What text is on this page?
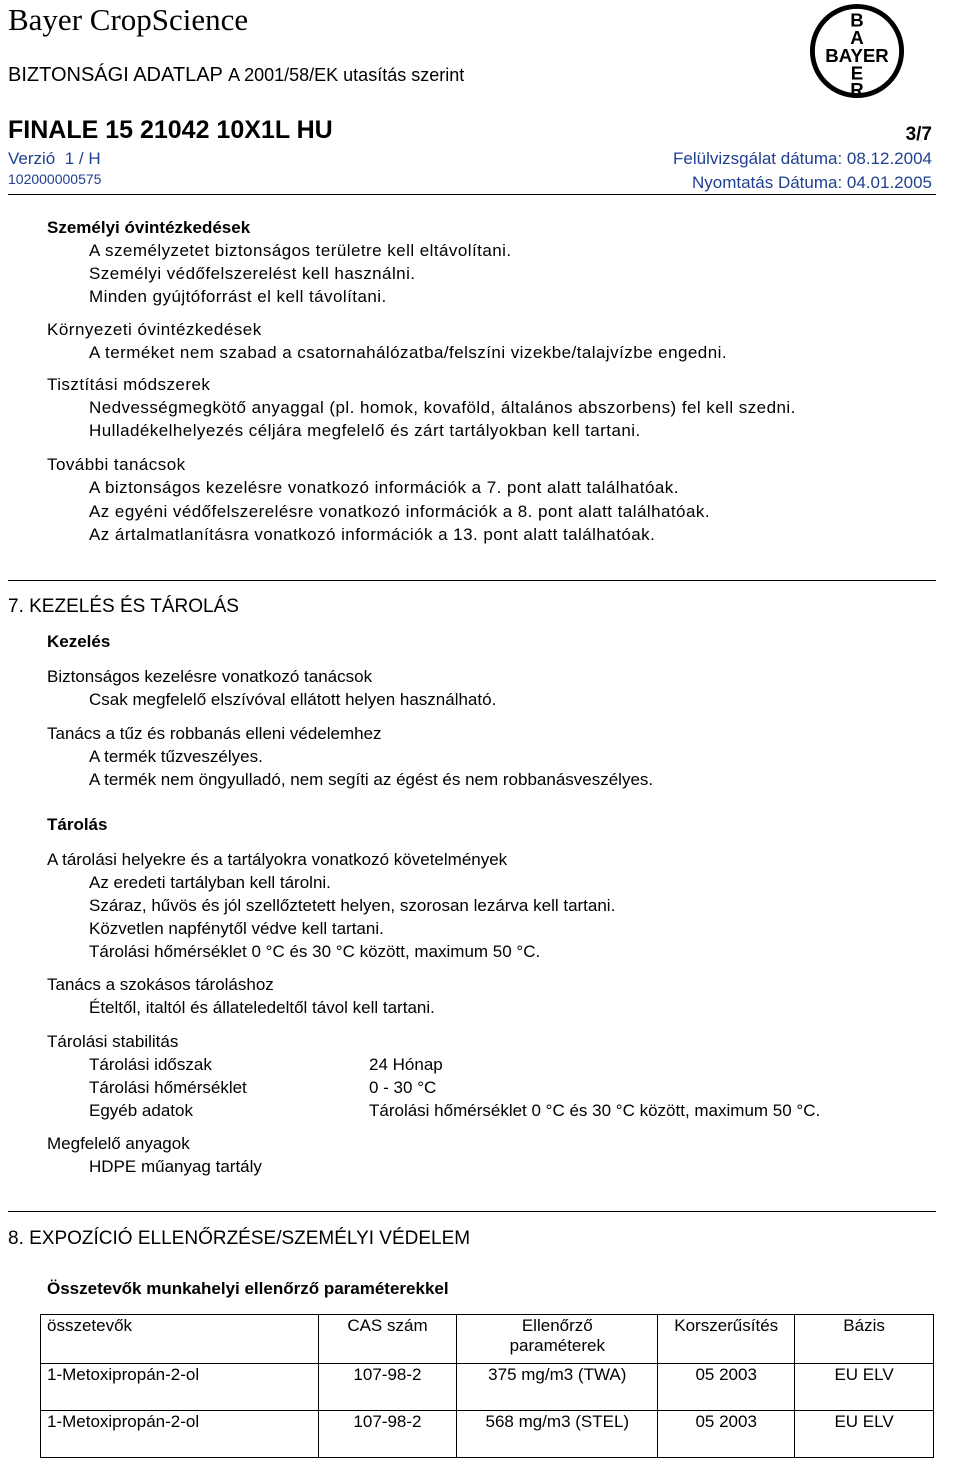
Bayer CropScience
BIZTONSÁGI ADATLAP A 2001/58/EK utasítás szerint
B
A
BAYER
E
R
FINALE 15 21042 10X1L HU	3/7
Verzió 1 / H	Felülvizsgálat dátuma: 08.12.2004
102000000575	Nyomtatás Dátuma: 04.01.2005
Személyi óvintézkedések
A személyzetet biztonságos területre kell eltávolítani.
Személyi védőfelszerelést kell használni.
Minden gyújtóforrást el kell távolítani.
Környezeti óvintézkedések
A terméket nem szabad a csatornahálózatba/felszíni vizekbe/talajvízbe engedni.
Tisztítási módszerek
Nedvességmegkötő anyaggal (pl. homok, kovaföld, általános abszorbens) fel kell szedni.
Hulladékelhelyezés céljára megfelelő és zárt tartályokban kell tartani.
További tanácsok
A biztonságos kezelésre vonatkozó információk a 7. pont alatt találhatóak.
Az egyéni védőfelszerelésre vonatkozó információk a 8. pont alatt találhatóak.
Az ártalmatlanításra vonatkozó információk a 13. pont alatt találhatóak.
7. KEZELÉS ÉS TÁROLÁS
Kezelés
Biztonságos kezelésre vonatkozó tanácsok
Csak megfelelő elszívóval ellátott helyen használható.
Tanács a tűz és robbanás elleni védelemhez
A termék tűzveszélyes.
A termék nem öngyulladó, nem segíti az égést és nem robbanásveszélyes.
Tárolás
A tárolási helyekre és a tartályokra vonatkozó követelmények
Az eredeti tartályban kell tárolni.
Száraz, hűvös és jól szellőztetett helyen, szorosan lezárva kell tartani.
Közvetlen napfénytől védve kell tartani.
Tárolási hőmérséklet 0 °C és 30 °C között, maximum 50 °C.
Tanács a szokásos tároláshoz
Ételtől, italtól és állateledeltől távol kell tartani.
Tárolási stabilitás
Tárolási időszak	24 Hónap
Tárolási hőmérséklet	0 - 30 °C
Egyéb adatok	Tárolási hőmérséklet 0 °C és 30 °C között, maximum 50 °C.
Megfelelő anyagok
HDPE műanyag tartály
8. EXPOZÍCIÓ ELLENŐRZÉSE/SZEMÉLYI VÉDELEM
Összetevők munkahelyi ellenőrző paraméterekkel
összetevők	CAS szám	Ellenőrző paraméterek	Korszerűsítés	Bázis
1-Metoxipropán-2-ol	107-98-2	375 mg/m3 (TWA)	05 2003	EU ELV
1-Metoxipropán-2-ol	107-98-2	568 mg/m3 (STEL)	05 2003	EU ELV
